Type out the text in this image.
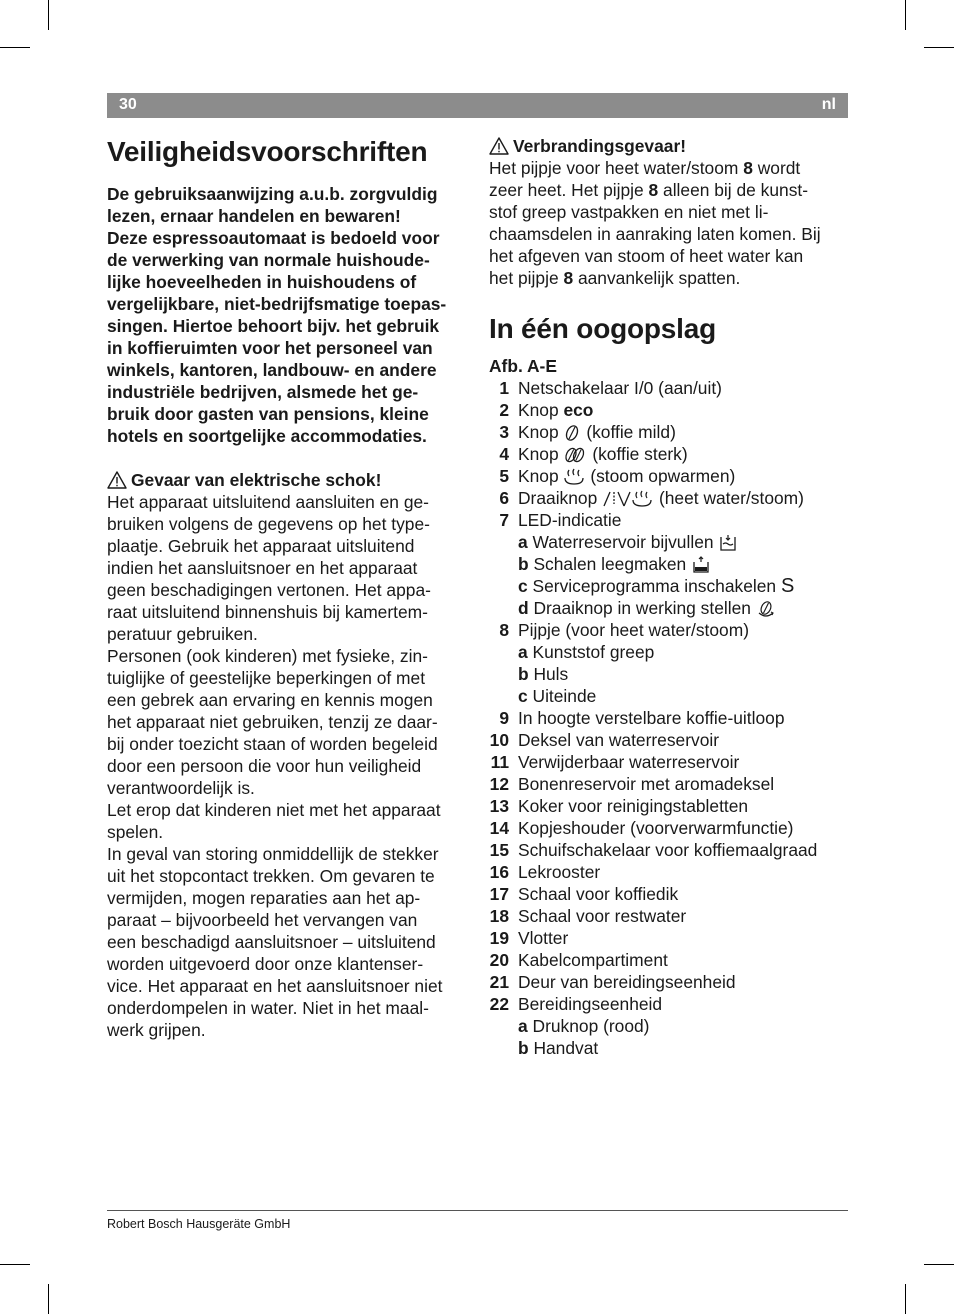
30	nl
Veiligheidsvoorschriften
De gebruiksaanwijzing a.u.b. zorgvuldig
lezen, ernaar handelen en bewaren!
Deze espressoautomaat is bedoeld voor
de verwerking van normale huishoude-
lijke hoeveelheden in huishoudens of
vergelijkbare, niet-bedrijfsmatige toepas-
singen. Hiertoe behoort bijv. het gebruik
in koffieruimten voor het personeel van
winkels, kantoren, landbouw- en andere
industriële bedrijven, alsmede het ge-
bruik door gasten van pensions, kleine
hotels en soortgelijke accommodaties.
Gevaar van elektrische schok!
Het apparaat uitsluitend aansluiten en ge-
bruiken volgens de gegevens op het type-
plaatje. Gebruik het apparaat uitsluitend
indien het aansluitsnoer en het apparaat
geen beschadigingen vertonen. Het appa-
raat uitsluitend binnenshuis bij kamertem-
peratuur gebruiken.
Personen (ook kinderen) met fysieke, zin-
tuiglijke of geestelijke beperkingen of met
een gebrek aan ervaring en kennis mogen
het apparaat niet gebruiken, tenzij ze daar-
bij onder toezicht staan of worden begeleid
door een persoon die voor hun veiligheid
verantwoordelijk is.
Let erop dat kinderen niet met het apparaat
spelen.
In geval van storing onmiddellijk de stekker
uit het stopcontact trekken. Om gevaren te
vermijden, mogen reparaties aan het ap-
paraat – bijvoorbeeld het vervangen van
een beschadigd aansluitsnoer – uitsluitend
worden uitgevoerd door onze klantenser-
vice. Het apparaat en het aansluitsnoer niet
onderdompelen in water. Niet in het maal-
werk grijpen.
Verbrandingsgevaar!
Het pijpje voor heet water/stoom 8 wordt
zeer heet. Het pijpje 8 alleen bij de kunst-
stof greep vastpakken en niet met li-
chaamsdelen in aanraking laten komen. Bij
het afgeven van stoom of heet water kan
het pijpje 8 aanvankelijk spatten.
In één oogopslag
Afb. A-E
1 Netschakelaar I/0 (aan/uit)
2 Knop eco
3 Knop (koffie mild)
4 Knop (koffie sterk)
5 Knop (stoom opwarmen)
6 Draaiknop	(heet water/stoom)
7 LED-indicatie
a Waterreservoir bijvullen
b Schalen leegmaken
c Serviceprogramma inschakelen S
d Draaiknop in werking stellen
8 Pijpje (voor heet water/stoom)
a Kunststof greep
b Huls
c Uiteinde
9 In hoogte verstelbare koffie-uitloop
10 Deksel van waterreservoir
11 Verwijderbaar waterreservoir
12 Bonenreservoir met aromadeksel
13 Koker voor reinigingstabletten
14 Kopjeshouder (voorverwarmfunctie)
15 Schuifschakelaar voor koffiemaalgraad
16 Lekrooster
17 Schaal voor koffiedik
18 Schaal voor restwater
19 Vlotter
20 Kabelcompartiment
21 Deur van bereidingseenheid
22 Bereidingseenheid
a Druknop (rood)
b Handvat
Robert Bosch Hausgeräte GmbH
